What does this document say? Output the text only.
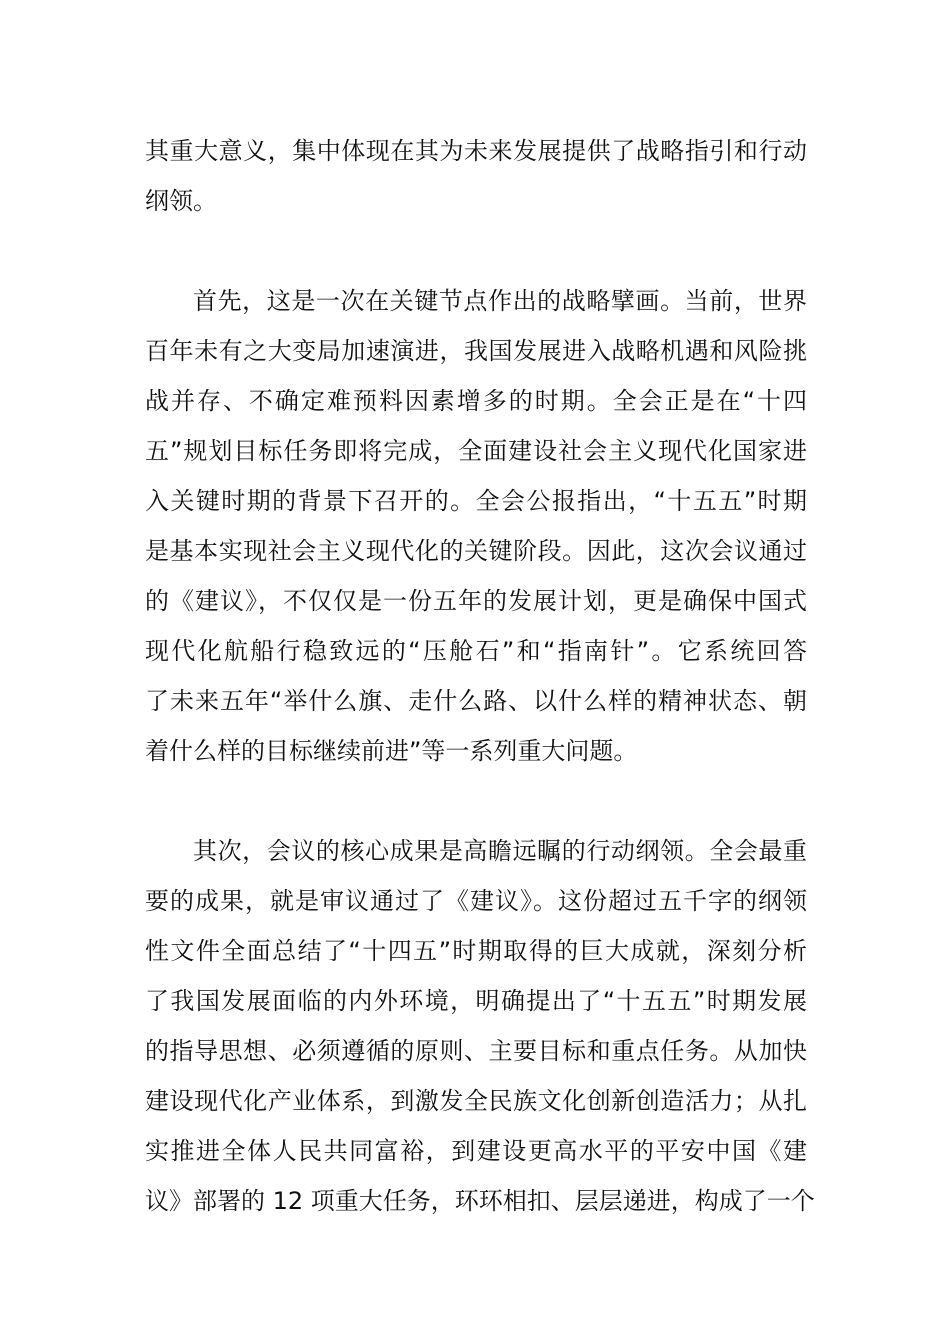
其重大意义，集中体现在其为未来发展提供了战略指引和行动
纲领。
首先，这是一次在关键节点作出的战略擘画。当前，世界
百年未有之大变局加速演进，我国发展进入战略机遇和风险挑
战并存、不确定难预料因素增多的时期。全会正是在“十四
五”规划目标任务即将完成，全面建设社会主义现代化国家进
入关键时期的背景下召开的。全会公报指出，“十五五”时期
是基本实现社会主义现代化的关键阶段。因此，这次会议通过
的《建议》，不仅仅是一份五年的发展计划，更是确保中国式
现代化航船行稳致远的“压舱石”和“指南针”。它系统回答
了未来五年“举什么旗、走什么路、以什么样的精神状态、朝
着什么样的目标继续前进”等一系列重大问题。
其次，会议的核心成果是高瞻远瞩的行动纲领。全会最重
要的成果，就是审议通过了《建议》。这份超过五千字的纲领
性文件全面总结了“十四五”时期取得的巨大成就，深刻分析
了我国发展面临的内外环境，明确提出了“十五五”时期发展
的指导思想、必须遵循的原则、主要目标和重点任务。从加快
建设现代化产业体系，到激发全民族文化创新创造活力；从扎
实推进全体人民共同富裕，到建设更高水平的平安中国《建
议》部署的 12 项重大任务，环环相扣、层层递进，构成了一个
